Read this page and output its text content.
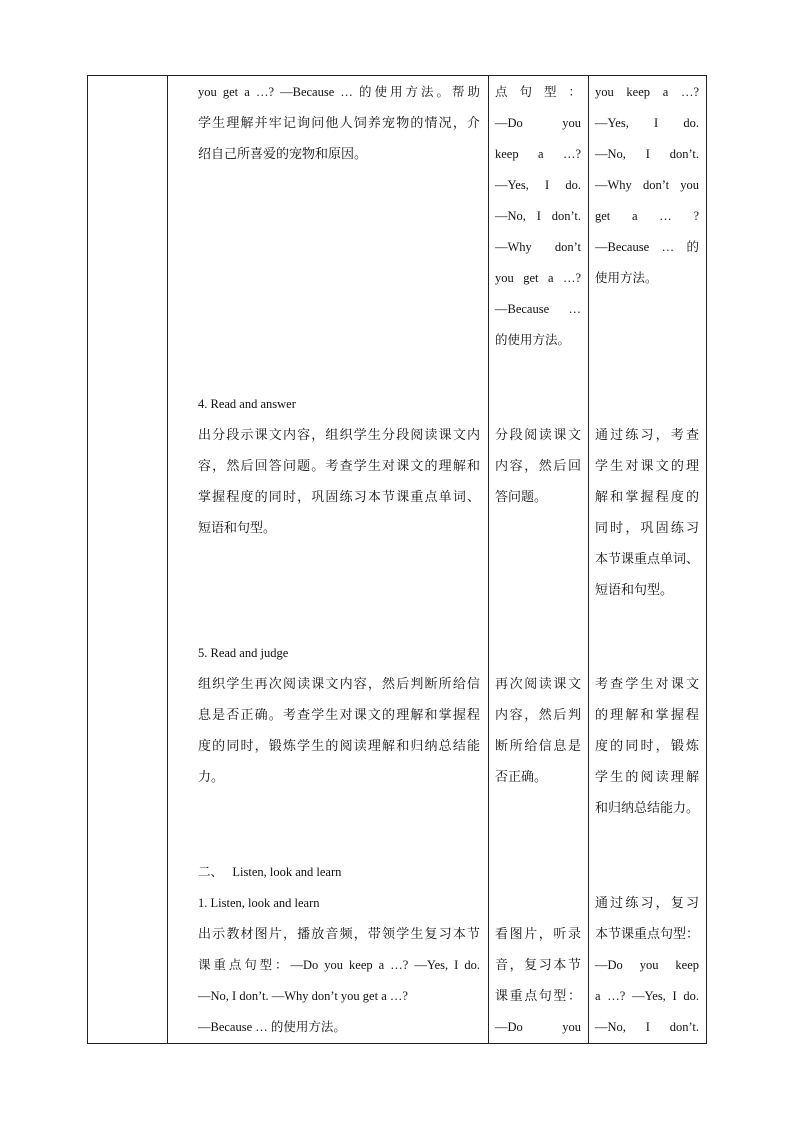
you get a …? —Because … 的使用方法。帮助
学生理解并牢记询问他人饲养宠物的情况，介
绍自己所喜爱的宠物和原因。

4. Read and answer

出分段示课文内容，组织学生分段阅读课文内
容，然后回答问题。考查学生对课文的理解和
掌握程度的同时，巩固练习本节课重点单词、
短语和句型。

5. Read and judge

组织学生再次阅读课文内容，然后判断所给信
息是否正确。考查学生对课文的理解和掌握程
度的同时，锻炼学生的阅读理解和归纳总结能
力。

二、   Listen, look and learn

1. Listen, look and learn

出示教材图片，播放音频，带领学生复习本节
课重点句型：—Do you keep a …? —Yes, I do.
—No, I don’t. —Why don’t you get a …?
—Because … 的使用方法。

点 句 型 ：
—Do you
keep a …?
—Yes, I do.
—No, I don’t.
—Why don’t
you get a …?
—Because …
的使用方法。

分段阅读课文
内容，然后回
答问题。

再次阅读课文
内容，然后判
断所给信息是
否正确。

看图片，听录
音，复习本节
课重点句型：
—Do you

you keep a …?
—Yes, I do.
—No, I don’t.
—Why don’t you
get a … ?
—Because … 的
使用方法。

通过练习，考查
学生对课文的理
解和掌握程度的
同时，巩固练习
本节课重点单词、
短语和句型。

考查学生对课文
的理解和掌握程
度的同时，锻炼
学生的阅读理解
和归纳总结能力。

通过练习，复习
本节课重点句型：
—Do you keep
a …? —Yes, I do.
—No, I don’t.
